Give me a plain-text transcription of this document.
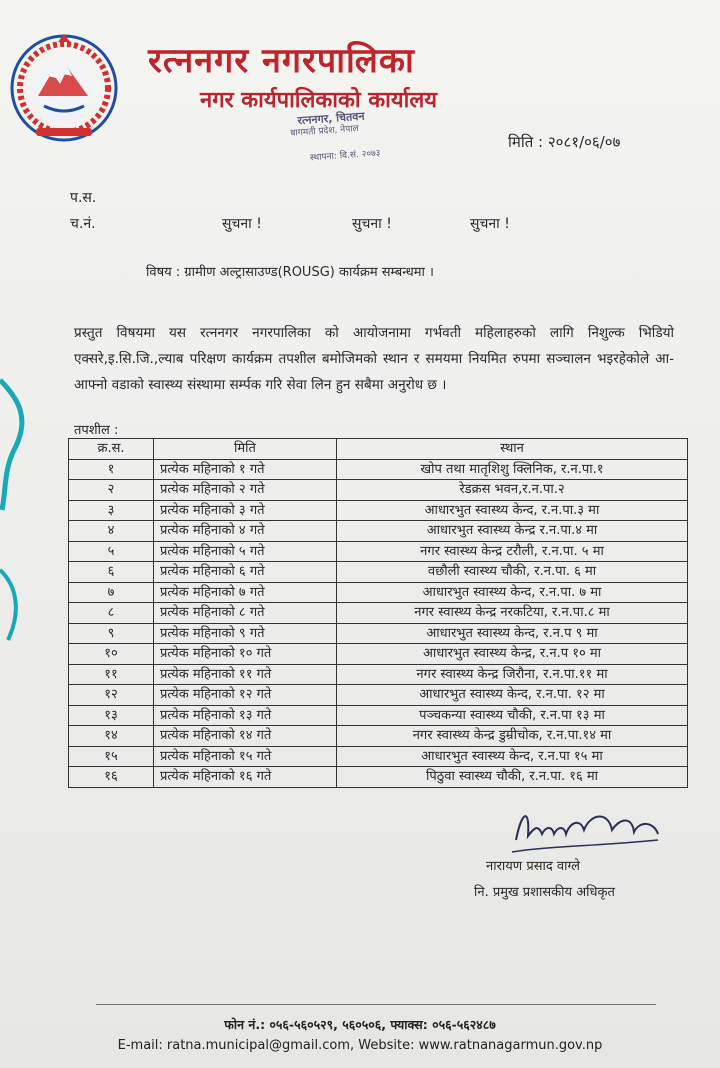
रत्ननगर नगरपालिका
नगर कार्यपालिकाको कार्यालय
रत्ननगर, चितवन
बागमती प्रदेश, नेपाल
स्थापना: वि.सं. २०७३
मिति : २०८१/०६/०७
प.स.
च.नं.	सुचना !	सुचना !	सुचना !
विषय : ग्रामीण अल्ट्रासाउण्ड(ROUSG) कार्यक्रम सम्बन्धमा ।
प्रस्तुत विषयमा यस रत्ननगर नगरपालिका को आयोजनामा गर्भवती महिलाहरुको लागि निशुल्क भिडियो एक्सरे,इ.सि.जि.,ल्याब परिक्षण कार्यक्रम तपशील बमोजिमको स्थान र समयमा नियमित रुपमा सञ्चालन भइरहेकोले आ-आफ्नो वडाको स्वास्थ्य संस्थामा सर्म्पक गरि सेवा लिन हुन सबैमा अनुरोध छ ।
तपशील :
क्र.स.	मिति	स्थान
१	प्रत्येक महिनाको १ गते	खोप तथा मातृशिशु क्लिनिक, र.न.पा.१
२	प्रत्येक महिनाको २ गते	रेडक्रस भवन,र.न.पा.२
३	प्रत्येक महिनाको ३ गते	आधारभुत स्वास्थ्य केन्द, र.न.पा.३ मा
४	प्रत्येक महिनाको ४ गते	आधारभुत स्वास्थ्य केन्द्र र.न.पा.४ मा
५	प्रत्येक महिनाको ५ गते	नगर स्वास्थ्य केन्द्र टरौली, र.न.पा. ५ मा
६	प्रत्येक महिनाको ६ गते	वछौली स्वास्थ्य चौकी, र.न.पा. ६ मा
७	प्रत्येक महिनाको ७ गते	आधारभुत स्वास्थ्य केन्द, र.न.पा. ७ मा
८	प्रत्येक महिनाको ८ गते	नगर स्वास्थ्य केन्द्र नरकटिया, र.न.पा.८ मा
९	प्रत्येक महिनाको ९ गते	आधारभुत स्वास्थ्य केन्द, र.न.प ९ मा
१०	प्रत्येक महिनाको १० गते	आधारभुत स्वास्थ्य केन्द्र, र.न.प १० मा
११	प्रत्येक महिनाको ११ गते	नगर स्वास्थ्य केन्द्र जिरौना, र.न.पा.११ मा
१२	प्रत्येक महिनाको १२ गते	आधारभुत स्वास्थ्य केन्द, र.न.पा. १२ मा
१३	प्रत्येक महिनाको १३ गते	पञ्चकन्या स्वास्थ्य चौकी, र.न.पा १३ मा
१४	प्रत्येक महिनाको १४ गते	नगर स्वास्थ्य केन्द्र डुम्रीचोक, र.न.पा.१४ मा
१५	प्रत्येक महिनाको १५ गते	आधारभुत स्वास्थ्य केन्द, र.न.पा १५ मा
१६	प्रत्येक महिनाको १६ गते	पिठुवा स्वास्थ्य चौकी, र.न.पा. १६ मा
नारायण प्रसाद वाग्ले
नि. प्रमुख प्रशासकीय अधिकृत
फोन नं.: ०५६-५६०५२९, ५६०५०६, फ्याक्स: ०५६-५६२४८७
E-mail: ratna.municipal@gmail.com, Website: www.ratnanagarmun.gov.np
